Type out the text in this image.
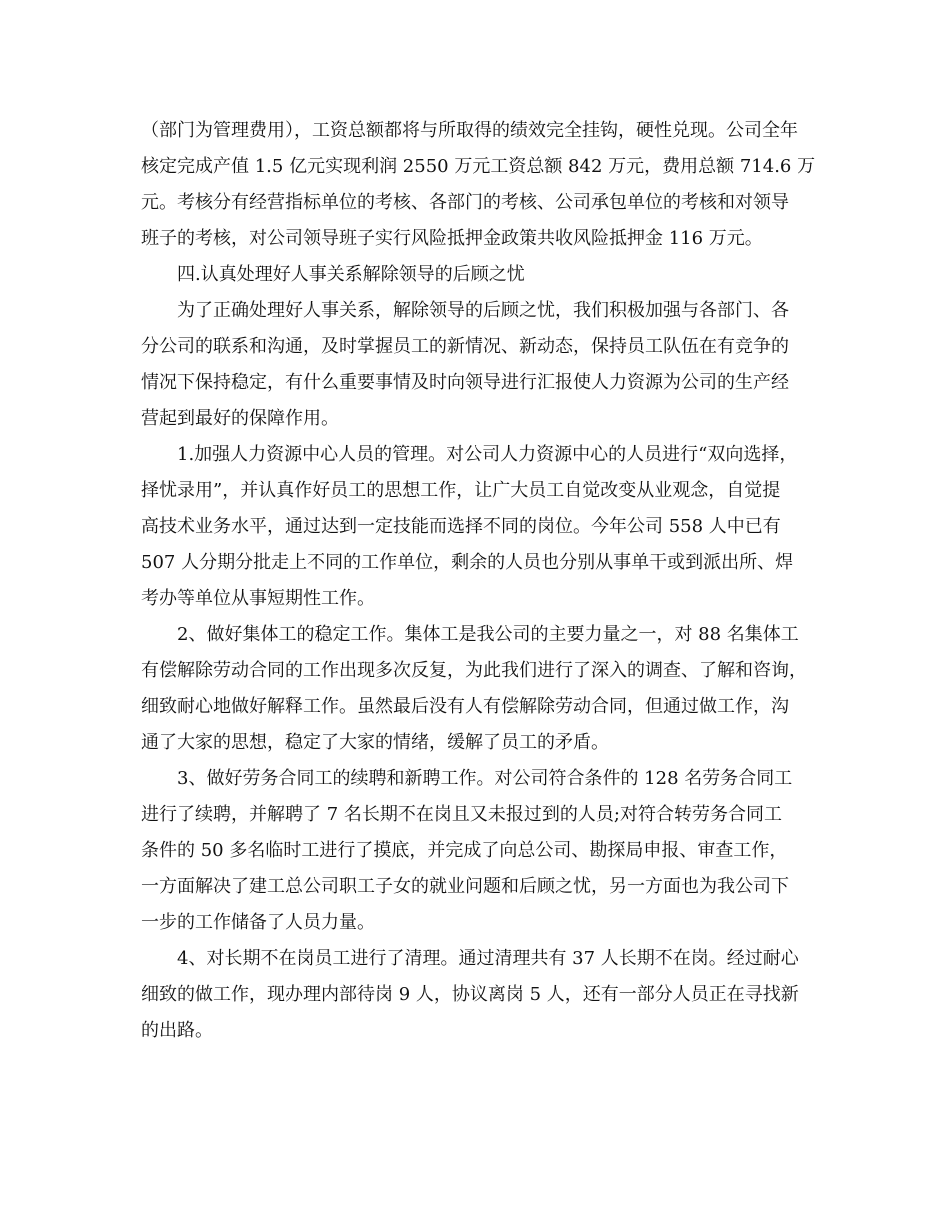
（部门为管理费用），工资总额都将与所取得的绩效完全挂钩，硬性兑现。公司全年
核定完成产值 1.5 亿元实现利润 2550 万元工资总额 842 万元，费用总额 714.6 万
元。考核分有经营指标单位的考核、各部门的考核、公司承包单位的考核和对领导
班子的考核，对公司领导班子实行风险抵押金政策共收风险抵押金 116 万元。
四.认真处理好人事关系解除领导的后顾之忧
为了正确处理好人事关系，解除领导的后顾之忧，我们积极加强与各部门、各
分公司的联系和沟通，及时掌握员工的新情况、新动态，保持员工队伍在有竞争的
情况下保持稳定，有什么重要事情及时向领导进行汇报使人力资源为公司的生产经
营起到最好的保障作用。
1.加强人力资源中心人员的管理。对公司人力资源中心的人员进行“双向选择，
择忧录用”，并认真作好员工的思想工作，让广大员工自觉改变从业观念，自觉提
高技术业务水平，通过达到一定技能而选择不同的岗位。今年公司 558 人中已有
507 人分期分批走上不同的工作单位，剩余的人员也分别从事单干或到派出所、焊
考办等单位从事短期性工作。
2、做好集体工的稳定工作。集体工是我公司的主要力量之一，对 88 名集体工
有偿解除劳动合同的工作出现多次反复，为此我们进行了深入的调查、了解和咨询，
细致耐心地做好解释工作。虽然最后没有人有偿解除劳动合同，但通过做工作，沟
通了大家的思想，稳定了大家的情绪，缓解了员工的矛盾。
3、做好劳务合同工的续聘和新聘工作。对公司符合条件的 128 名劳务合同工
进行了续聘，并解聘了 7 名长期不在岗且又未报过到的人员;对符合转劳务合同工
条件的 50 多名临时工进行了摸底，并完成了向总公司、勘探局申报、审查工作，
一方面解决了建工总公司职工子女的就业问题和后顾之忧，另一方面也为我公司下
一步的工作储备了人员力量。
4、对长期不在岗员工进行了清理。通过清理共有 37 人长期不在岗。经过耐心
细致的做工作，现办理内部待岗 9 人，协议离岗 5 人，还有一部分人员正在寻找新
的出路。
